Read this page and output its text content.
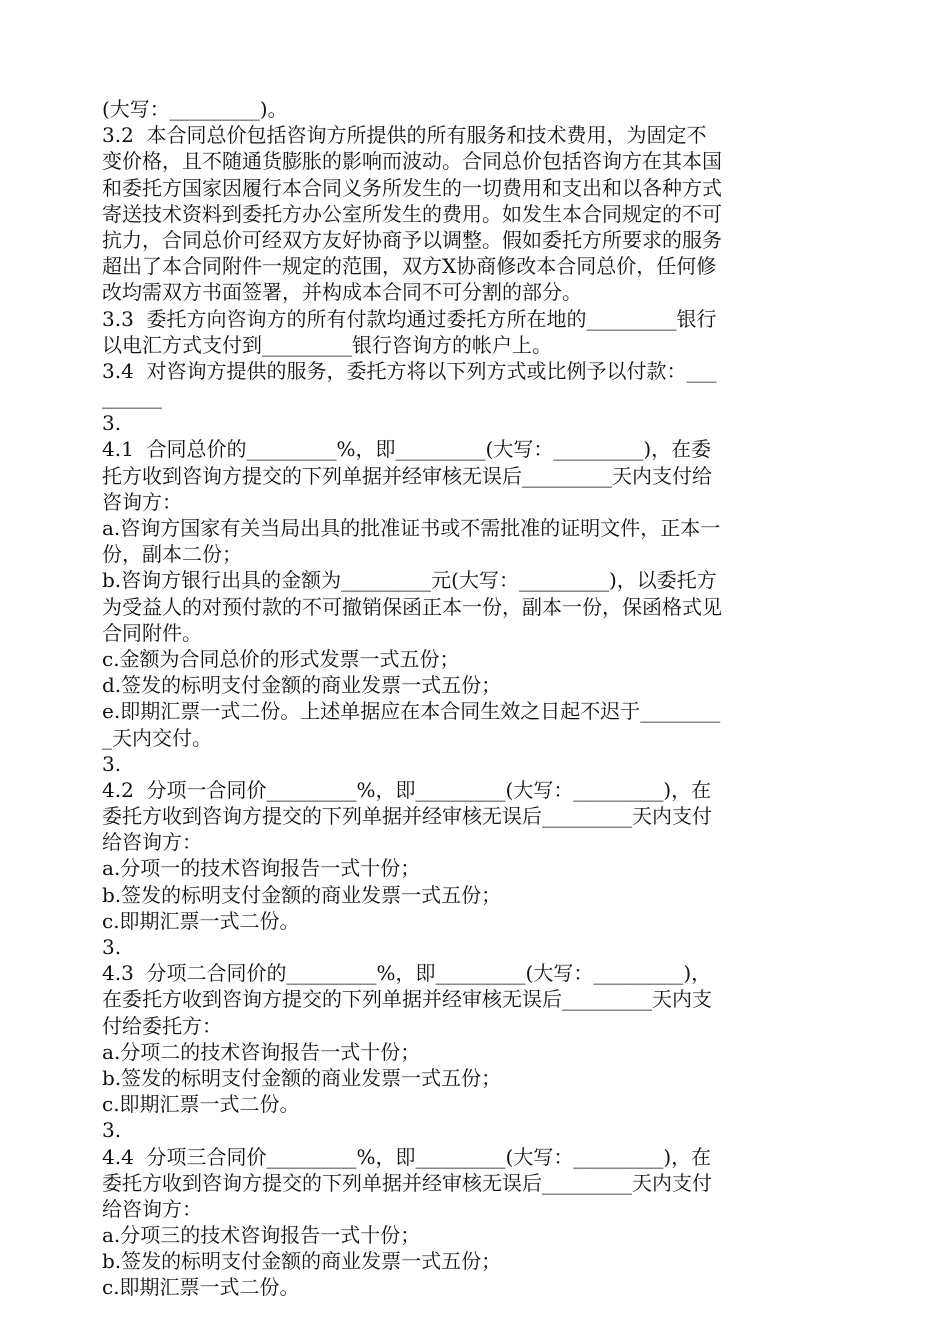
(大写：_________)。
3.2  本合同总价包括咨询方所提供的所有服务和技术费用，为固定不
变价格，且不随通货膨胀的影响而波动。合同总价包括咨询方在其本国
和委托方国家因履行本合同义务所发生的一切费用和支出和以各种方式
寄送技术资料到委托方办公室所发生的费用。如发生本合同规定的不可
抗力，合同总价可经双方友好协商予以调整。假如委托方所要求的服务
超出了本合同附件一规定的范围，双方X协商修改本合同总价，任何修
改均需双方书面签署，并构成本合同不可分割的部分。
3.3  委托方向咨询方的所有付款均通过委托方所在地的_________银行
以电汇方式支付到_________银行咨询方的帐户上。
3.4  对咨询方提供的服务，委托方将以下列方式或比例予以付款：___
______
3.
4.1  合同总价的_________%，即_________(大写：_________)，在委
托方收到咨询方提交的下列单据并经审核无误后_________天内支付给
咨询方：
a.咨询方国家有关当局出具的批准证书或不需批准的证明文件，正本一
份，副本二份；
b.咨询方银行出具的金额为_________元(大写：_________)，以委托方
为受益人的对预付款的不可撤销保函正本一份，副本一份，保函格式见
合同附件。
c.金额为合同总价的形式发票一式五份；
d.签发的标明支付金额的商业发票一式五份；
e.即期汇票一式二份。上述单据应在本合同生效之日起不迟于________
_天内交付。
3.
4.2  分项一合同价_________%，即_________(大写：_________)，在
委托方收到咨询方提交的下列单据并经审核无误后_________天内支付
给咨询方：
a.分项一的技术咨询报告一式十份；
b.签发的标明支付金额的商业发票一式五份；
c.即期汇票一式二份。
3.
4.3  分项二合同价的_________%，即_________(大写：_________)，
在委托方收到咨询方提交的下列单据并经审核无误后_________天内支
付给委托方：
a.分项二的技术咨询报告一式十份；
b.签发的标明支付金额的商业发票一式五份；
c.即期汇票一式二份。
3.
4.4  分项三合同价_________%，即_________(大写：_________)，在
委托方收到咨询方提交的下列单据并经审核无误后_________天内支付
给咨询方：
a.分项三的技术咨询报告一式十份；
b.签发的标明支付金额的商业发票一式五份；
c.即期汇票一式二份。
